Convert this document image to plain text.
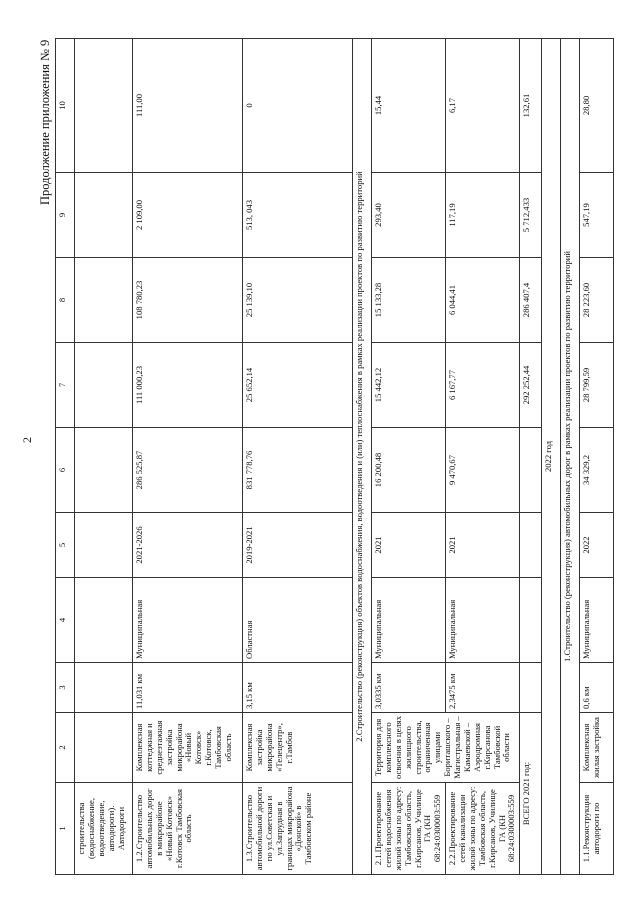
2
Продолжение приложения № 9
1	2	3	4	5	6	7	8	9	10
строительства (водоснабжение, водоотведение, автодороги). Автодороги									
1.2.Строительство автомобильных дорог в микрорайоне «Новый Котовск» г.Котовск Тамбовская область	Комплексная коттеджная и среднеэтажная застройка микрорайона «Новый Котовск» г.Котовск, Тамбовская область	11,031 км	Муниципальная	2021-2026	286 525,87	111 000,23	108 780,23	2 109,00	111,00
1.3.Строительство автомобильной дороги по ул.Советская и ул.Запрудная в границах микрорайона «Донской» в Тамбовском районе	Комплексная застройка микрорайона «Телецентр», г.Тамбов	3,15 км	Областная	2019-2021	831 778,76	25 652,14	25 139,10	513, 043	0
2.Строительство (реконструкция) объектов водоснабжения, водоотведения и (или) теплоснабжения в рамках реализации проектов по развитию территорий									
2.1.Проектирование сетей водоснабжения жилой зоны по адресу: Тамбовская область, г.Кирсанов, Училище ГА (КН 68:24:0300003:559	Территория для комплексного освоения в целях жилищного строительства, ограниченная улицами Бориташского – Магистральная – Камаевской – Аэродромная г.Кирсанова Тамбовской области	3,0335 км	Муниципальная	2021	16 200,48	15 442,12	15 133,28	293,40	15,44
2.2.Проектирование сетей канализации жилой зоны по адресу: Тамбовская область, г.Кирсанов, Училище ГА (КН 68:24:0300003:559		2,3475 км	Муниципальная	2021	9 470,67	6 167,77	6 044,41	117,19	6,17
ВСЕГО 2021 год:						292 252,44	286 407,4	5 712,433	132,61
2022 год									
1.Строительство (реконструкция) автомобильных дорог в рамках реализации проектов по развитию территорий									
1.1.Реконструкция автодороги по	Комплексная жилая застройка	0,6 км	Муниципальная	2022	34 329,2	28 799,59	28 223,60	547,19	28,80
